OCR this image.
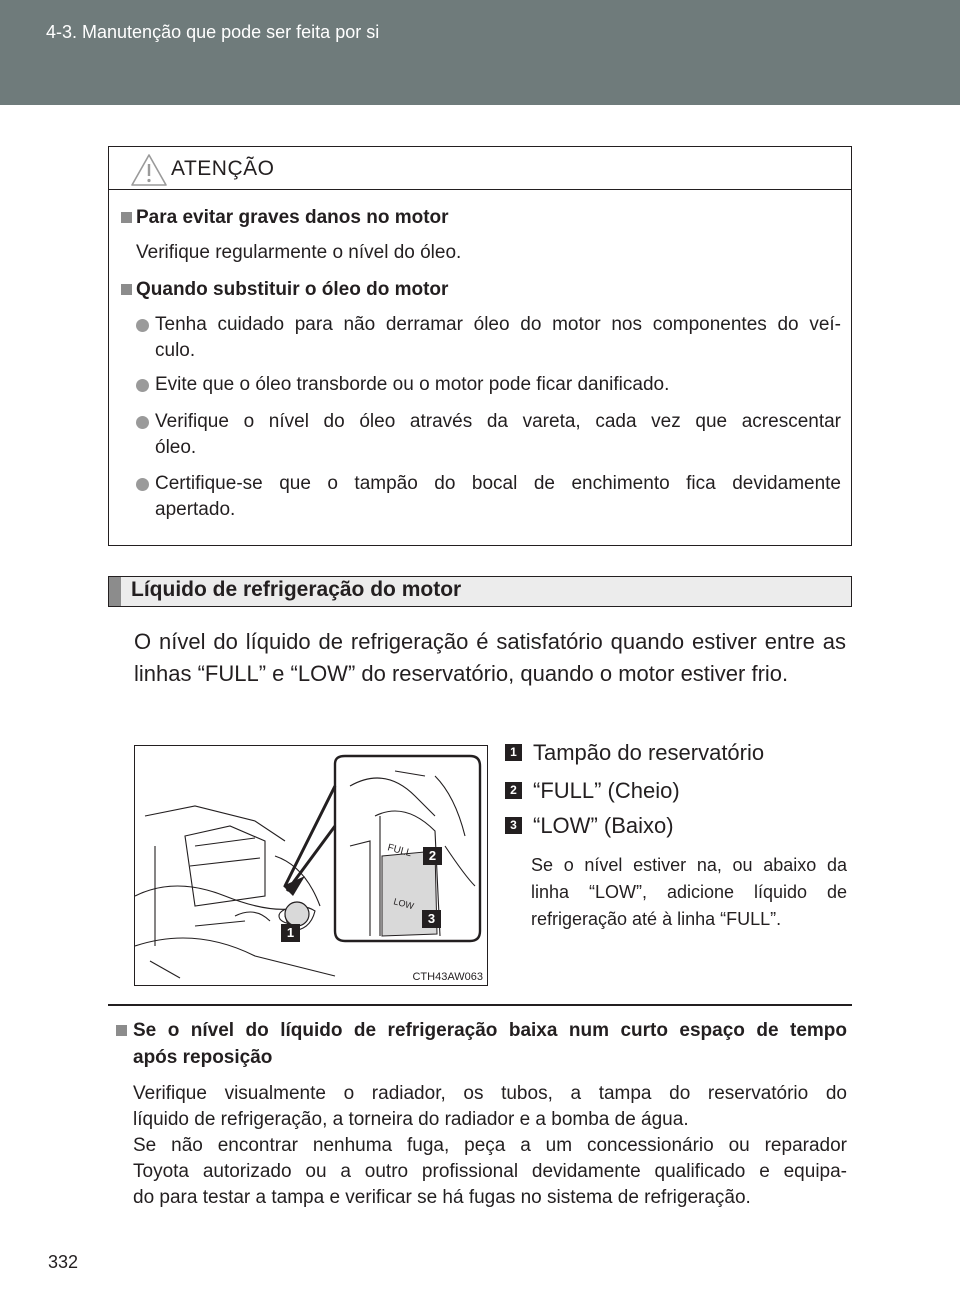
4-3. Manutenção que pode ser feita por si
ATENÇÃO
Para evitar graves danos no motor
Verifique regularmente o nível do óleo.
Quando substituir o óleo do motor
Tenha cuidado para não derramar óleo do motor nos componentes do veí-
culo.
Evite que o óleo transborde ou o motor pode ficar danificado.
Verifique o nível do óleo através da vareta, cada vez que acrescentar
óleo.
Certifique-se que o tampão do bocal de enchimento fica devidamente
apertado.
Líquido de refrigeração do motor
O nível do líquido de refrigeração é satisfatório quando estiver entre as linhas “FULL” e “LOW” do reservatório, quando o motor estiver frio.
FULL
LOW
2
3
1
CTH43AW063
1 Tampão do reservatório
2 “FULL” (Cheio)
3 “LOW” (Baixo)
Se o nível estiver na, ou abaixo da linha “LOW”, adicione líquido de refrigeração até à linha “FULL”.
Se o nível do líquido de refrigeração baixa num curto espaço de tempo
após reposição
Verifique visualmente o radiador, os tubos, a tampa do reservatório do
líquido de refrigeração, a torneira do radiador e a bomba de água.
Se não encontrar nenhuma fuga, peça a um concessionário ou reparador
Toyota autorizado ou a outro profissional devidamente qualificado e equipa-
do para testar a tampa e verificar se há fugas no sistema de refrigeração.
332
